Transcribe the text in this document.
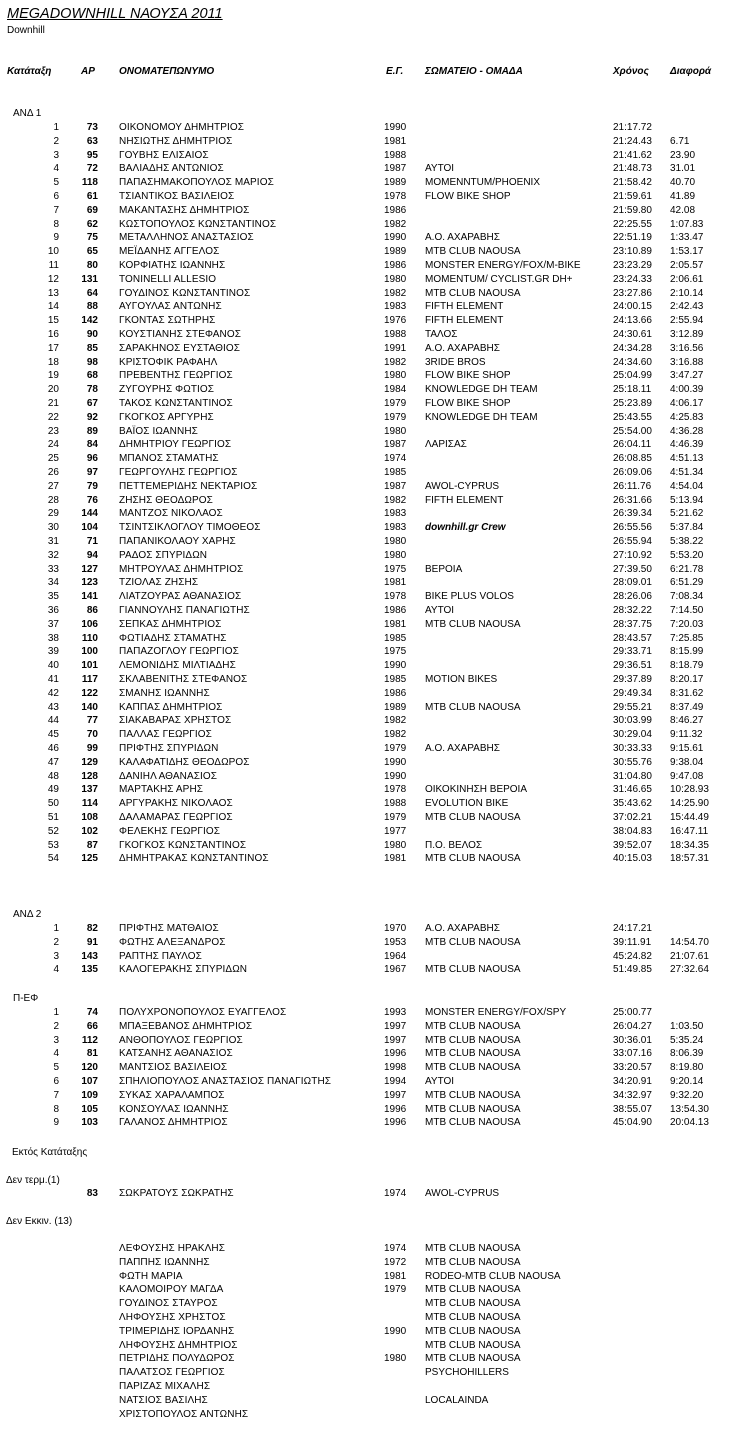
MEGADOWNHILL ΝΑΟΥΣΑ 2011
Downhill
Κατάταξη	ΑΡ ΟΝΟΜΑΤΕΠΩΝΥΜΟ	Ε.Γ. ΣΩΜΑΤΕΙΟ - ΟΜΑΔΑ	Χρόνος Διαφορά
ΑΝΔ 1
1	73 ΟΙΚΟΝΟΜΟΥ ΔΗΜΗΤΡΙΟΣ	1990	21:17.72
2	63 ΝΗΣΙΩΤΗΣ ΔΗΜΗΤΡΙΟΣ	1981	21:24.43 6.71
3	95 ΓΟΥΒΗΣ ΕΛΙΣΑΙΟΣ	1988	21:41.62 23.90
4	72 ΒΑΛΙΑΔΗΣ ΑΝΤΩΝΙΟΣ	1987 ΑΥΤΟΙ	21:48.73 31.01
5 118 ΠΑΠΑΣΗΜΑΚΟΠΟΥΛΟΣ ΜΑΡΙΟΣ	1989 MOMENNTUM/PHOENIX	21:58.42 40.70
6	61 ΤΣΙΑΝΤΙΚΟΣ ΒΑΣΙΛΕΙΟΣ	1978 FLOW BIKE SHOP	21:59.61 41.89
7	69 ΜΑΚΑΝΤΑΣΗΣ ΔΗΜΗΤΡΙΟΣ	1986	21:59.80 42.08
8	62 ΚΩΣΤΟΠΟΥΛΟΣ ΚΩΝΣΤΑΝΤΙΝΟΣ	1982	22:25.55 1:07.83
9	75 ΜΕΤΑΛΛΗΝΟΣ ΑΝΑΣΤΑΣΙΟΣ	1990 Α.Ο. ΑΧΑΡΑΒΗΣ	22:51.19 1:33.47
10	65 ΜΕΪΔΑΝΗΣ ΑΓΓΕΛΟΣ	1989 MTB CLUB NAOUSA	23:10.89 1:53.17
11	80 ΚΟΡΦΙΑΤΗΣ ΙΩΑΝΝΗΣ	1986 MONSTER ENERGY/FOX/M-BIKE	23:23.29 2:05.57
12 131 TONINELLI ALLESIO	1980 MOMENTUM/ CYCLIST.GR DH+	23:24.33 2:06.61
13	64 ΓΟΥΔΙΝΟΣ ΚΩΝΣΤΑΝΤΙΝΟΣ	1982 MTB CLUB NAOUSA	23:27.86 2:10.14
14	88 ΑΥΓΟΥΛΑΣ ΑΝΤΩΝΗΣ	1983 FIFTH ELEMENT	24:00.15 2:42.43
15 142 ΓΚΟΝΤΑΣ ΣΩΤΗΡΗΣ	1976 FIFTH ELEMENT	24:13.66 2:55.94
16	90 ΚΟΥΣΤΙΑΝΗΣ ΣΤΕΦΑΝΟΣ	1988 ΤΑΛΟΣ	24:30.61 3:12.89
17	85 ΣΑΡΑΚΗΝΟΣ ΕΥΣΤΑΘΙΟΣ	1991 Α.Ο. ΑΧΑΡΑΒΗΣ	24:34.28 3:16.56
18	98 ΚΡΙΣΤΟΦΙΚ ΡΑΦΑΗΛ	1982 3RIDE BROS	24:34.60 3:16.88
19	68 ΠΡΕΒΕΝΤΗΣ ΓΕΩΡΓΙΟΣ	1980 FLOW BIKE SHOP	25:04.99 3:47.27
20	78 ΖΥΓΟΥΡΗΣ ΦΩΤΙΟΣ	1984 KNOWLEDGE DH TEAM	25:18.11 4:00.39
21	67 ΤΑΚΟΣ ΚΩΝΣΤΑΝΤΙΝΟΣ	1979 FLOW BIKE SHOP	25:23.89 4:06.17
22	92 ΓΚΟΓΚΟΣ ΑΡΓΥΡΗΣ	1979 KNOWLEDGE DH TEAM	25:43.55 4:25.83
23	89 ΒΑΪΟΣ ΙΩΑΝΝΗΣ	1980	25:54.00 4:36.28
24	84 ΔΗΜΗΤΡΙΟΥ ΓΕΩΡΓΙΟΣ	1987 ΛΑΡΙΣΑΣ	26:04.11 4:46.39
25	96 ΜΠΑΝΟΣ ΣΤΑΜΑΤΗΣ	1974	26:08.85 4:51.13
26	97 ΓΕΩΡΓΟΥΛΗΣ ΓΕΩΡΓΙΟΣ	1985	26:09.06 4:51.34
27	79 ΠΕΤΤΕΜΕΡΙΔΗΣ ΝΕΚΤΑΡΙΟΣ	1987 AWOL-CYPRUS	26:11.76 4:54.04
28	76 ΖΗΣΗΣ ΘΕΟΔΩΡΟΣ	1982 FIFTH ELEMENT	26:31.66 5:13.94
29 144 ΜΑΝΤΖΟΣ ΝΙΚΟΛΑΟΣ	1983	26:39.34 5:21.62
30 104 ΤΣΙΝΤΣΙΚΛΟΓΛΟΥ ΤΙΜΟΘΕΟΣ	1983 downhill.gr Crew	26:55.56 5:37.84
31	71 ΠΑΠΑΝΙΚΟΛΑΟΥ ΧΑΡΗΣ	1980	26:55.94 5:38.22
32	94 ΡΑΔΟΣ ΣΠΥΡΙΔΩΝ	1980	27:10.92 5:53.20
33 127 ΜΗΤΡΟΥΛΑΣ ΔΗΜΗΤΡΙΟΣ	1975 ΒΕΡΟΙΑ	27:39.50 6:21.78
34 123 ΤΖΙΟΛΑΣ ΖΗΣΗΣ	1981	28:09.01 6:51.29
35 141 ΛΙΑΤΖΟΥΡΑΣ ΑΘΑΝΑΣΙΟΣ	1978 BIKE PLUS VOLOS	28:26.06 7:08.34
36	86 ΓΙΑΝΝΟΥΛΗΣ ΠΑΝΑΓΙΩΤΗΣ	1986 ΑΥΤΟΙ	28:32.22 7:14.50
37 106 ΣΕΠΚΑΣ ΔΗΜΗΤΡΙΟΣ	1981 MTB CLUB NAOUSA	28:37.75 7:20.03
38 110 ΦΩΤΙΑΔΗΣ ΣΤΑΜΑΤΗΣ	1985	28:43.57 7:25.85
39 100 ΠΑΠΑΖΟΓΛΟΥ ΓΕΩΡΓΙΟΣ	1975	29:33.71 8:15.99
40 101 ΛΕΜΟΝΙΔΗΣ ΜΙΛΤΙΑΔΗΣ	1990	29:36.51 8:18.79
41 117 ΣΚΛΑΒΕΝΙΤΗΣ ΣΤΕΦΑΝΟΣ	1985 MOTION BIKES	29:37.89 8:20.17
42 122 ΣΜΑΝΗΣ ΙΩΑΝΝΗΣ	1986	29:49.34 8:31.62
43 140 ΚΑΠΠΑΣ ΔΗΜΗΤΡΙΟΣ	1989 MTB CLUB NAOUSA	29:55.21 8:37.49
44	77 ΣΙΑΚΑΒΑΡΑΣ ΧΡΗΣΤΟΣ	1982	30:03.99 8:46.27
45	70 ΠΑΛΛΑΣ ΓΕΩΡΓΙΟΣ	1982	30:29.04 9:11.32
46	99 ΠΡΙΦΤΗΣ ΣΠΥΡΙΔΩΝ	1979 Α.Ο. ΑΧΑΡΑΒΗΣ	30:33.33 9:15.61
47 129 ΚΑΛΑΦΑΤΙΔΗΣ ΘΕΟΔΩΡΟΣ	1990	30:55.76 9:38.04
48 128 ΔΑΝΙΗΛ ΑΘΑΝΑΣΙΟΣ	1990	31:04.80 9:47.08
49 137 ΜΑΡΤΑΚΗΣ ΑΡΗΣ	1978 ΟΙΚΟΚΙΝΗΣΗ ΒΕΡΟΙΑ	31:46.65 10:28.93
50 114 ΑΡΓΥΡΑΚΗΣ ΝΙΚΟΛΑΟΣ	1988 EVOLUTION BIKE	35:43.62 14:25.90
51 108 ΔΑΛΑΜΑΡΑΣ ΓΕΩΡΓΙΟΣ	1979 MTB CLUB NAOUSA	37:02.21 15:44.49
52 102 ΦΕΛΕΚΗΣ ΓΕΩΡΓΙΟΣ	1977	38:04.83 16:47.11
53	87 ΓΚΟΓΚΟΣ ΚΩΝΣΤΑΝΤΙΝΟΣ	1980 Π.Ο. ΒΕΛΟΣ	39:52.07 18:34.35
54 125 ΔΗΜΗΤΡΑΚΑΣ ΚΩΝΣΤΑΝΤΙΝΟΣ	1981 MTB CLUB NAOUSA	40:15.03 18:57.31
ΑΝΔ 2
1	82 ΠΡΙΦΤΗΣ ΜΑΤΘΑΙΟΣ	1970 Α.Ο. ΑΧΑΡΑΒΗΣ	24:17.21
2	91 ΦΩΤΗΣ ΑΛΕΞΑΝΔΡΟΣ	1953 MTB CLUB NAOUSA	39:11.91 14:54.70
3 143 ΡΑΠΤΗΣ ΠΑΥΛΟΣ	1964	45:24.82 21:07.61
4 135 ΚΑΛΟΓΕΡΑΚΗΣ ΣΠΥΡΙΔΩΝ	1967 MTB CLUB NAOUSA	51:49.85 27:32.64
Π-ΕΦ
1	74 ΠΟΛΥΧΡΟΝΟΠΟΥΛΟΣ ΕΥΑΓΓΕΛΟΣ	1993 MONSTER ENERGY/FOX/SPY	25:00.77
2	66 ΜΠΑΞΕΒΑΝΟΣ ΔΗΜΗΤΡΙΟΣ	1997 MTB CLUB NAOUSA	26:04.27 1:03.50
3 112 ΑΝΘΟΠΟΥΛΟΣ ΓΕΩΡΓΙΟΣ	1997 MTB CLUB NAOUSA	30:36.01 5:35.24
4	81 ΚΑΤΣΑΝΗΣ ΑΘΑΝΑΣΙΟΣ	1996 MTB CLUB NAOUSA	33:07.16 8:06.39
5 120 ΜΑΝΤΣΙΟΣ ΒΑΣΙΛΕΙΟΣ	1998 MTB CLUB NAOUSA	33:20.57 8:19.80
6 107 ΣΠΗΛΙΟΠΟΥΛΟΣ ΑΝΑΣΤΑΣΙΟΣ ΠΑΝΑΓΙΩΤΗΣ	1994 ΑΥΤΟΙ	34:20.91 9:20.14
7 109 ΣΥΚΑΣ ΧΑΡΑΛΑΜΠΟΣ	1997 MTB CLUB NAOUSA	34:32.97 9:32.20
8 105 ΚΟΝΣΟΥΛΑΣ ΙΩΑΝΝΗΣ	1996 MTB CLUB NAOUSA	38:55.07 13:54.30
9 103 ΓΑΛΑΝΟΣ ΔΗΜΗΤΡΙΟΣ	1996 MTB CLUB NAOUSA	45:04.90 20:04.13
Εκτός Κατάταξης
Δεν τερμ.(1)
83 ΣΩΚΡΑΤΟΥΣ ΣΩΚΡΑΤΗΣ	1974 AWOL-CYPRUS
Δεν Εκκιν. (13)
ΛΕΦΟΥΣΗΣ ΗΡΑΚΛΗΣ	1974 MTB CLUB NAOUSA
ΠΑΠΠΗΣ ΙΩΑΝΝΗΣ	1972 MTB CLUB NAOUSA
ΦΩΤΗ ΜΑΡΙΑ	1981 RODEO-MTB CLUB NAOUSA
ΚΑΛΟΜΟΙΡΟΥ ΜΑΓΔΑ	1979 MTB CLUB NAOUSA
ΓΟΥΔΙΝΟΣ ΣΤΑΥΡΟΣ	MTB CLUB NAOUSA
ΛΗΦΟΥΣΗΣ ΧΡΗΣΤΟΣ	MTB CLUB NAOUSA
ΤΡΙΜΕΡΙΔΗΣ ΙΟΡΔΑΝΗΣ	1990 MTB CLUB NAOUSA
ΛΗΦΟΥΣΗΣ ΔΗΜΗΤΡΙΟΣ	MTB CLUB NAOUSA
ΠΕΤΡΙΔΗΣ ΠΟΛΥΔΩΡΟΣ	1980 MTB CLUB NAOUSA
ΠΑΛΑΤΣΟΣ ΓΕΩΡΓΙΟΣ	PSYCHOHILLERS
ΠΑΡΙΖΑΣ ΜΙΧΑΛΗΣ
ΝΑΤΣΙΟΣ ΒΑΣΙΛΗΣ	LOCALAINDA
ΧΡΙΣΤΟΠΟΥΛΟΣ ΑΝΤΩΝΗΣ
